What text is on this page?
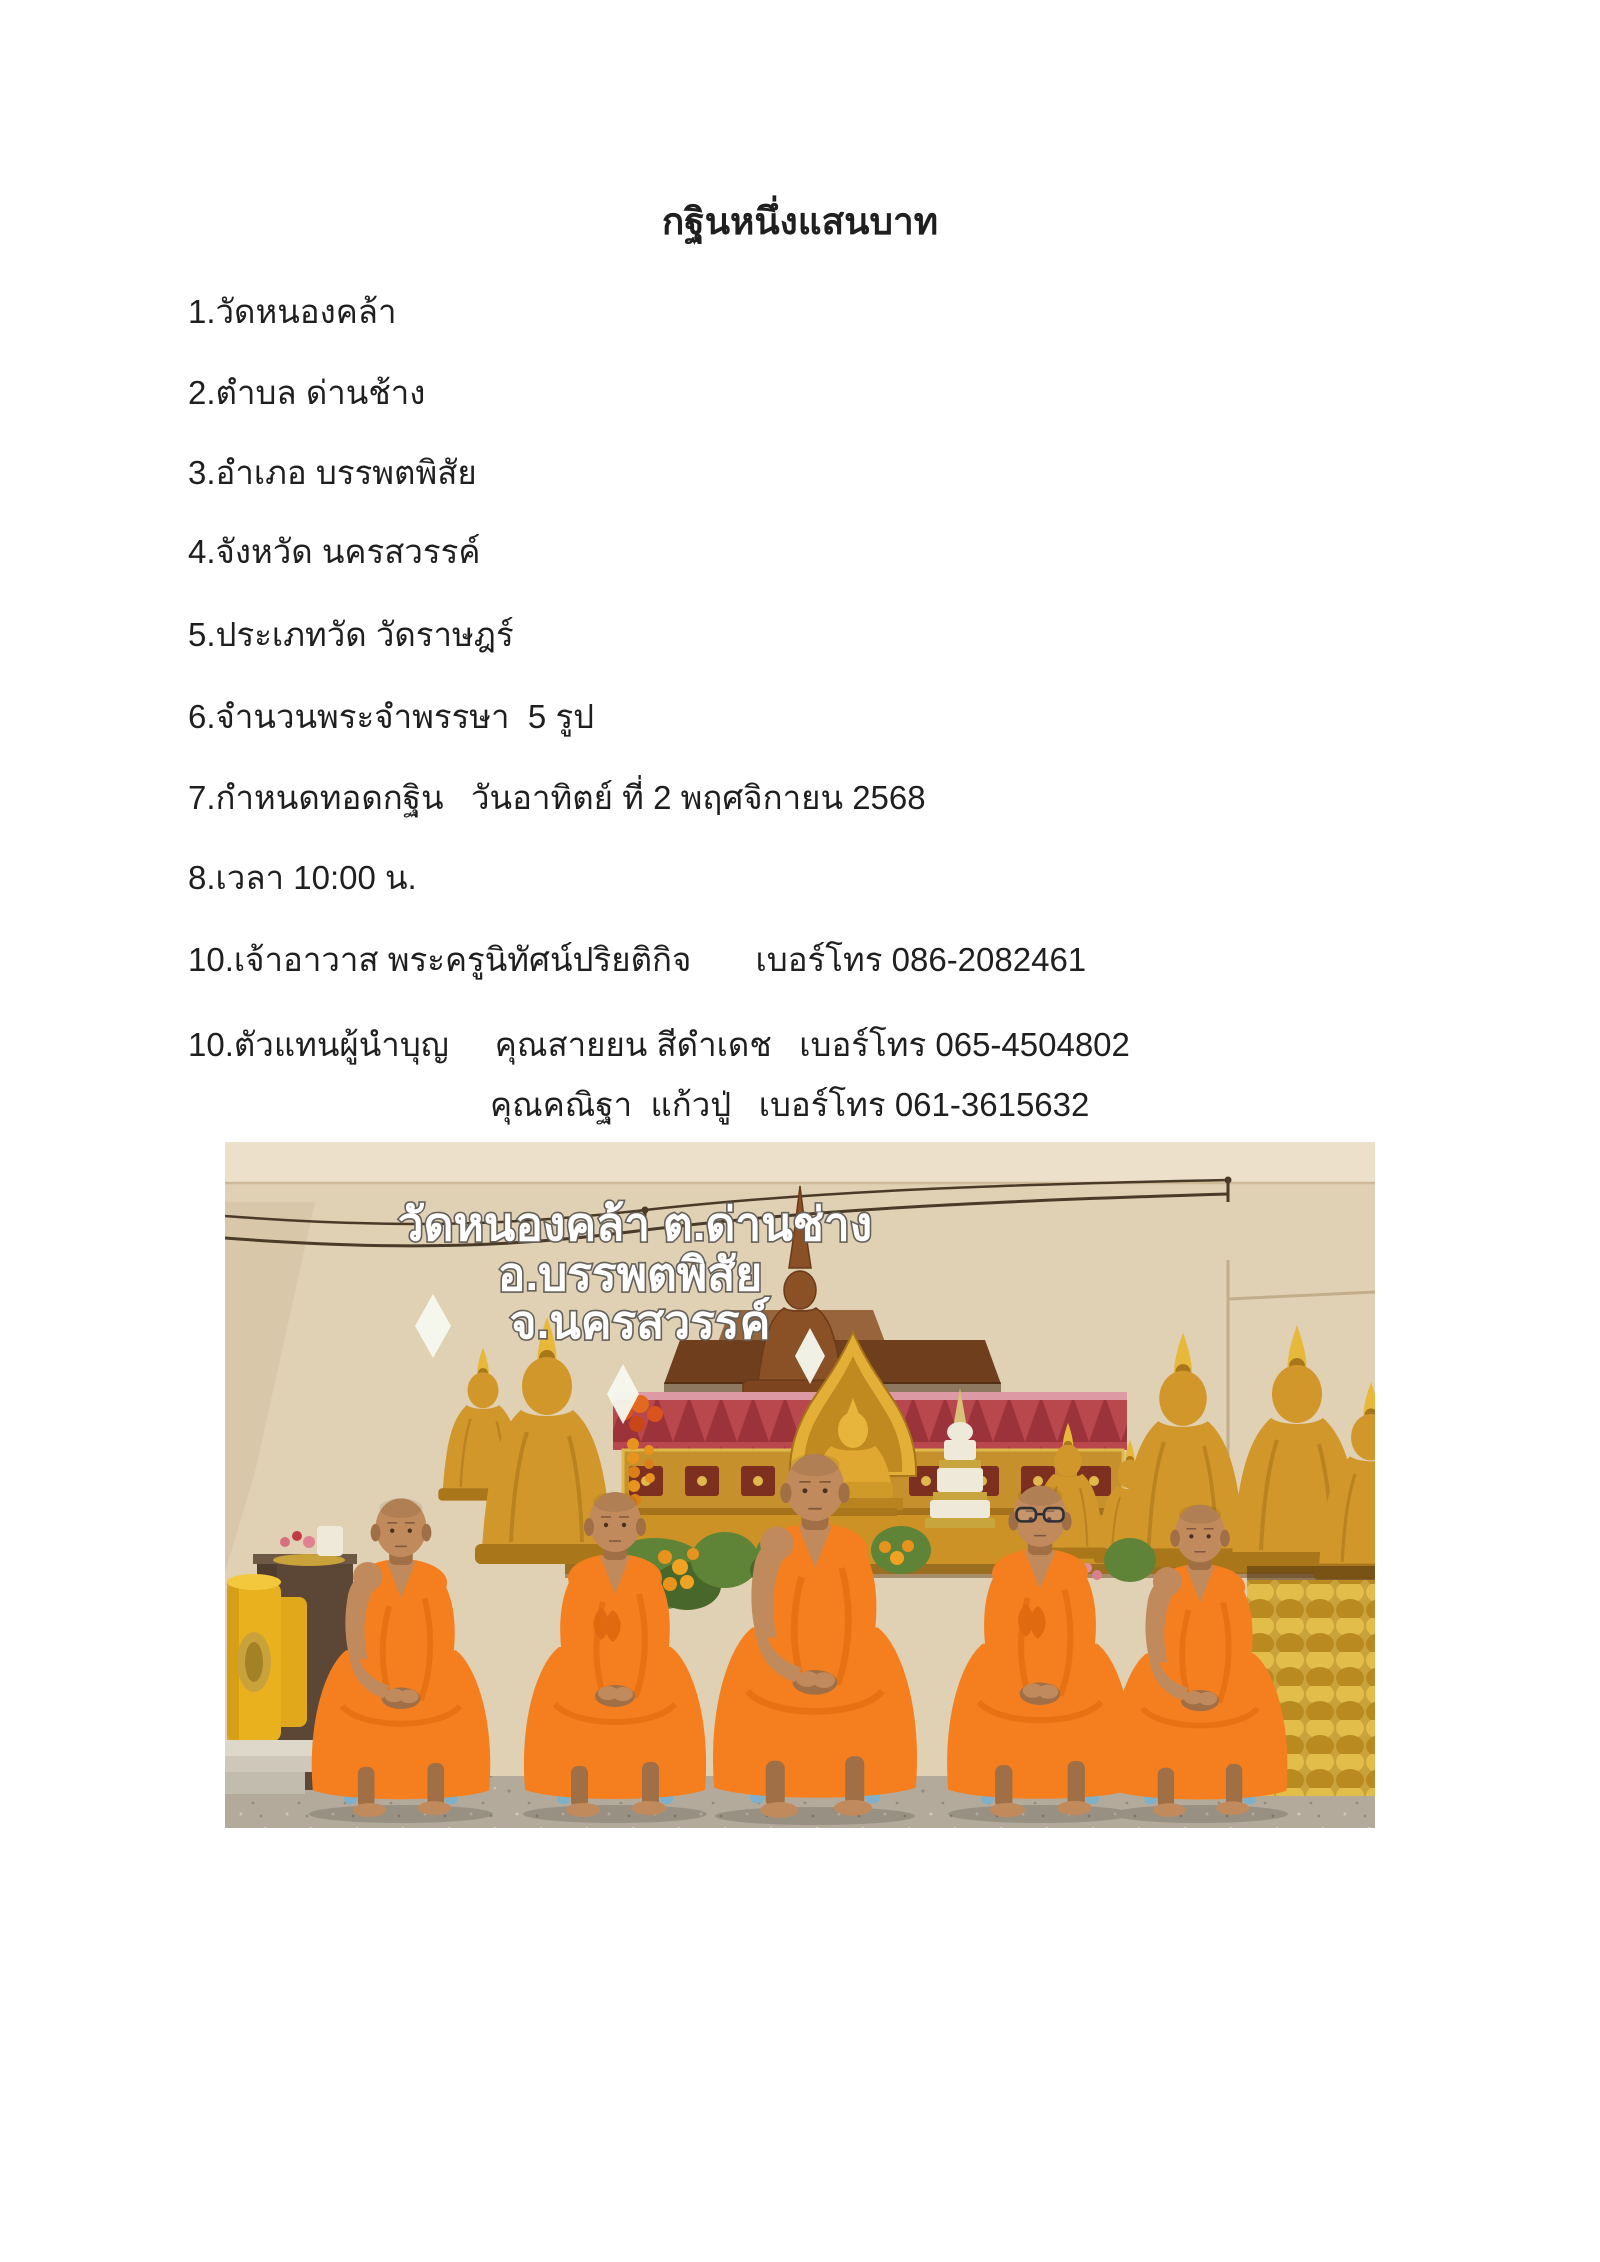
กฐินหนึ่งแสนบาท
1.วัดหนองคล้า
2.ตำบล ด่านช้าง
3.อำเภอ บรรพตพิสัย
4.จังหวัด นครสวรรค์
5.ประเภทวัด วัดราษฎร์
6.จำนวนพระจำพรรษา  5 รูป
7.กำหนดทอดกฐิน   วันอาทิตย์ ที่ 2 พฤศจิกายน 2568
8.เวลา 10:00 น.
10.เจ้าอาวาส พระครูนิทัศน์ปริยติกิจ       เบอร์โทร 086-2082461
10.ตัวแทนผู้นำบุญ     คุณสายยน สีดำเดช   เบอร์โทร 065-4504802
คุณคณิฐา  แก้วปู่   เบอร์โทร 061-3615632
วัดหนองคล้า ต.ด่านช่าง
อ.บรรพตพิสัย
จ.นครสวรรค์
